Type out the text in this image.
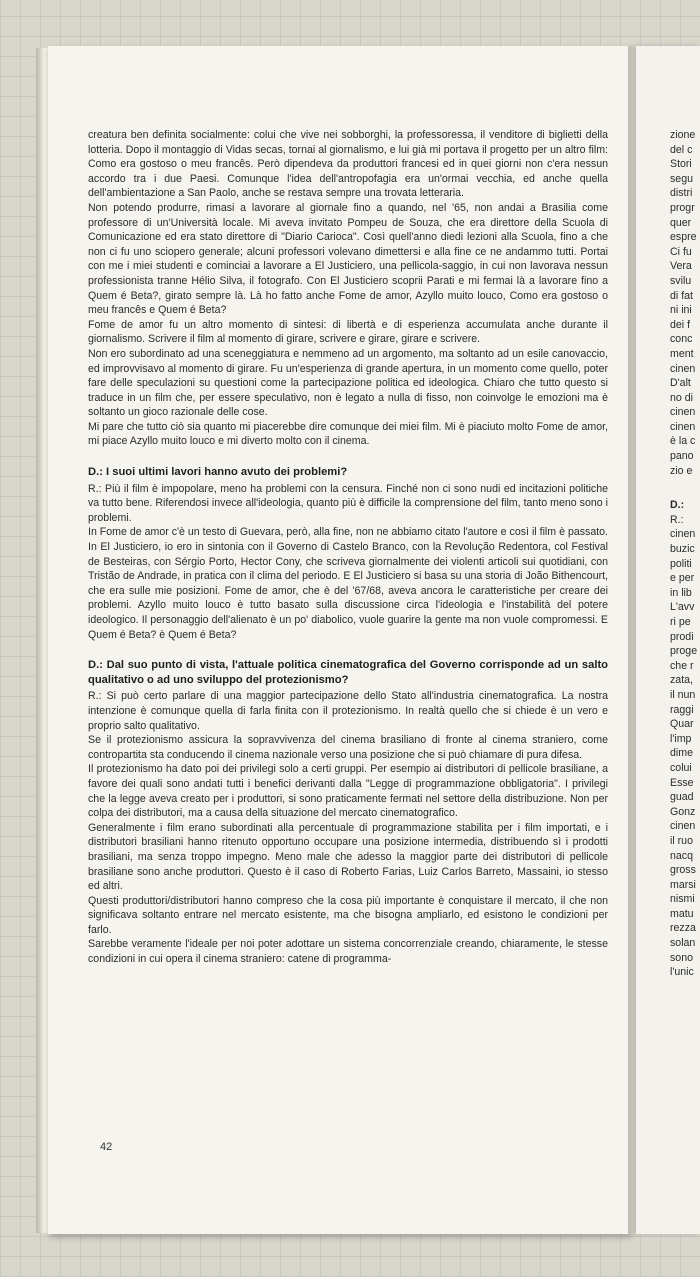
creatura ben definita socialmente: colui che vive nei sobborghi, la professoressa, il venditore di biglietti della lotteria. Dopo il montaggio di Vidas secas, tornai al giornalismo, e lui già mi portava il progetto per un altro film: Como era gostoso o meu francês. Però dipendeva da produttori francesi ed in quei giorni non c'era nessun accordo tra i due Paesi. Comunque l'idea dell'antropofagia era un'ormai vecchia, ed anche quella dell'ambientazione a San Paolo, anche se restava sempre una trovata letteraria.

Non potendo produrre, rimasi a lavorare al giornale fino a quando, nel '65, non andai a Brasilia come professore di un'Università locale. Mi aveva invitato Pompeu de Souza, che era direttore della Scuola di Comunicazione ed era stato direttore di "Diario Carioca". Così quell'anno diedi lezioni alla Scuola, fino a che non ci fu uno sciopero generale; alcuni professori volevano dimettersi e alla fine ce ne andammo tutti. Portai con me i miei studenti e cominciai a lavorare a El Justiciero, una pellicola-saggio, in cui non lavorava nessun professionista tranne Hélio Silva, il fotografo. Con El Justiciero scoprii Parati e mi fermai là a lavorare fino a Quem é Beta?, girato sempre là. Là ho fatto anche Fome de amor, Azyllo muito louco, Como era gostoso o meu francês e Quem é Beta?

Fome de amor fu un altro momento di sintesi: di libertà e di esperienza accumulata anche durante il giornalismo. Scrivere il film al momento di girare, scrivere e girare, girare e scrivere.

Non ero subordinato ad una sceneggiatura e nemmeno ad un argomento, ma soltanto ad un esile canovaccio, ed improvvisavo al momento di girare. Fu un'esperienza di grande apertura, in un momento come quello, poter fare delle speculazioni su questioni come la partecipazione politica ed ideologica. Chiaro che tutto questo si traduce in un film che, per essere speculativo, non è legato a nulla di fisso, non coinvolge le emozioni ma è soltanto un gioco razionale delle cose.

Mi pare che tutto ciò sia quanto mi piacerebbe dire comunque dei miei film. Mi è piaciuto molto Fome de amor, mi piace Azyllo muito louco e mi diverto molto con il cinema.

D.: I suoi ultimi lavori hanno avuto dei problemi?

R.: Più il film è impopolare, meno ha problemi con la censura. Finché non ci sono nudi ed incitazioni politiche va tutto bene. Riferendosi invece all'ideologia, quanto più è difficile la comprensione del film, tanto meno sono i problemi.

In Fome de amor c'è un testo di Guevara, però, alla fine, non ne abbiamo citato l'autore e così il film è passato. In El Justiciero, io ero in sintonia con il Governo di Castelo Branco, con la Revolução Redentora, col Festival de Besteiras, con Sérgio Porto, Hector Cony, che scriveva giornalmente dei violenti articoli sui quotidiani, con Tristão de Andrade, in pratica con il clima del periodo. E El Justiciero si basa su una storia di João Bithencourt, che era sulle mie posizioni. Fome de amor, che è del '67/68, aveva ancora le caratteristiche per creare dei problemi. Azyllo muito louco è tutto basato sulla discussione circa l'ideologia e l'instabilità del potere ideologico. Il personaggio dell'alienato è un po' diabolico, vuole guarire la gente ma non vuole compromessi. E Quem é Beta? è Quem é Beta?

D.: Dal suo punto di vista, l'attuale politica cinematografica del Governo corrisponde ad un salto qualitativo o ad uno sviluppo del protezionismo?

R.: Si può certo parlare di una maggior partecipazione dello Stato all'industria cinematografica. La nostra intenzione è comunque quella di farla finita con il protezionismo. In realtà quello che si chiede è un vero e proprio salto qualitativo.

Se il protezionismo assicura la sopravvivenza del cinema brasiliano di fronte al cinema straniero, come contropartita sta conducendo il cinema nazionale verso una posizione che si può chiamare di pura difesa.

Il protezionismo ha dato poi dei privilegi solo a certi gruppi. Per esempio ai distributori di pellicole brasiliane, a favore dei quali sono andati tutti i benefici derivanti dalla "Legge di programmazione obbligatoria". I privilegi che la legge aveva creato per i produttori, si sono praticamente fermati nel settore della distribuzione. Non per colpa dei distributori, ma a causa della situazione del mercato cinematografico.

Generalmente i film erano subordinati alla percentuale di programmazione stabilita per i film importati, e i distributori brasiliani hanno ritenuto opportuno occupare una posizione intermedia, distribuendo sì i prodotti brasiliani, ma senza troppo impegno. Meno male che adesso la maggior parte dei distributori di pellicole brasiliane sono anche produttori. Questo è il caso di Roberto Farias, Luiz Carlos Barreto, Massaini, io stesso ed altri.

Questi produttori/distributori hanno compreso che la cosa più importante è conquistare il mercato, il che non significava soltanto entrare nel mercato esistente, ma che bisogna ampliarlo, ed esistono le condizioni per farlo.

Sarebbe veramente l'ideale per noi poter adottare un sistema concorrenziale creando, chiaramente, le stesse condizioni in cui opera il cinema straniero: catene di programma-

42
zione
del c
Stori
segu
distri
progr
quer
espre
Ci fu
Vera
svilu
di fat
ni ini
dei f
conc
ment
cinen
D'alt
no di
cinen
cinen
è la c
pano
zio e
D.:
R.:
cinen
buzic
politi
e per
in lib
L'avv
ri pe
prodi
proge
che r
zata,
il nun
raggi
Quar
l'imp
dime
colui
Esse
guad
Gonz
cinen
il ruo
nacq
gross
marsi
nismi
matu
rezza
solan
sono
l'unic
